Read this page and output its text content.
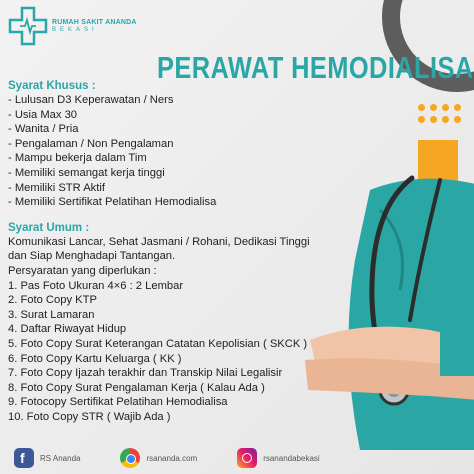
RUMAH SAKIT ANANDA
BEKASI
PERAWAT HEMODIALISA
Syarat Khusus :
- Lulusan D3 Keperawatan / Ners
- Usia Max 30
- Wanita / Pria
- Pengalaman / Non Pengalaman
- Mampu bekerja dalam Tim
- Memiliki semangat kerja tinggi
- Memiliki STR Aktif
- Memiliki Sertifikat Pelatihan Hemodialisa
Syarat Umum :
Komunikasi Lancar, Sehat Jasmani / Rohani, Dedikasi Tinggi
dan Siap Menghadapi Tantangan.
Persyaratan yang diperlukan :
1. Pas Foto Ukuran 4×6 : 2 Lembar
2. Foto Copy KTP
3. Surat Lamaran
4. Daftar Riwayat Hidup
5. Foto Copy Surat Keterangan Catatan Kepolisian ( SKCK )
6. Foto Copy Kartu Keluarga ( KK )
7. Foto Copy Ijazah terakhir dan Transkip Nilai Legalisir
8. Foto Copy Surat Pengalaman Kerja ( Kalau Ada )
9. Fotocopy Sertifikat Pelatihan Hemodialisa
10. Foto Copy STR ( Wajib Ada )
f
RS Ananda	rsananda.com	rsanandabekasi
